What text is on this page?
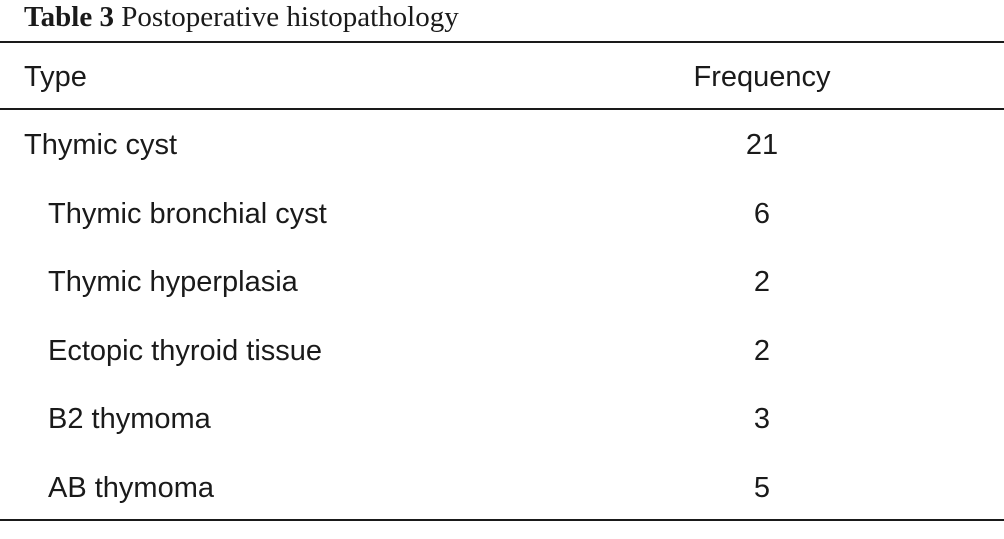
Table 3 Postoperative histopathology
Type	Frequency
Thymic cyst	21
Thymic bronchial cyst	6
Thymic hyperplasia	2
Ectopic thyroid tissue	2
B2 thymoma	3
AB thymoma	5
